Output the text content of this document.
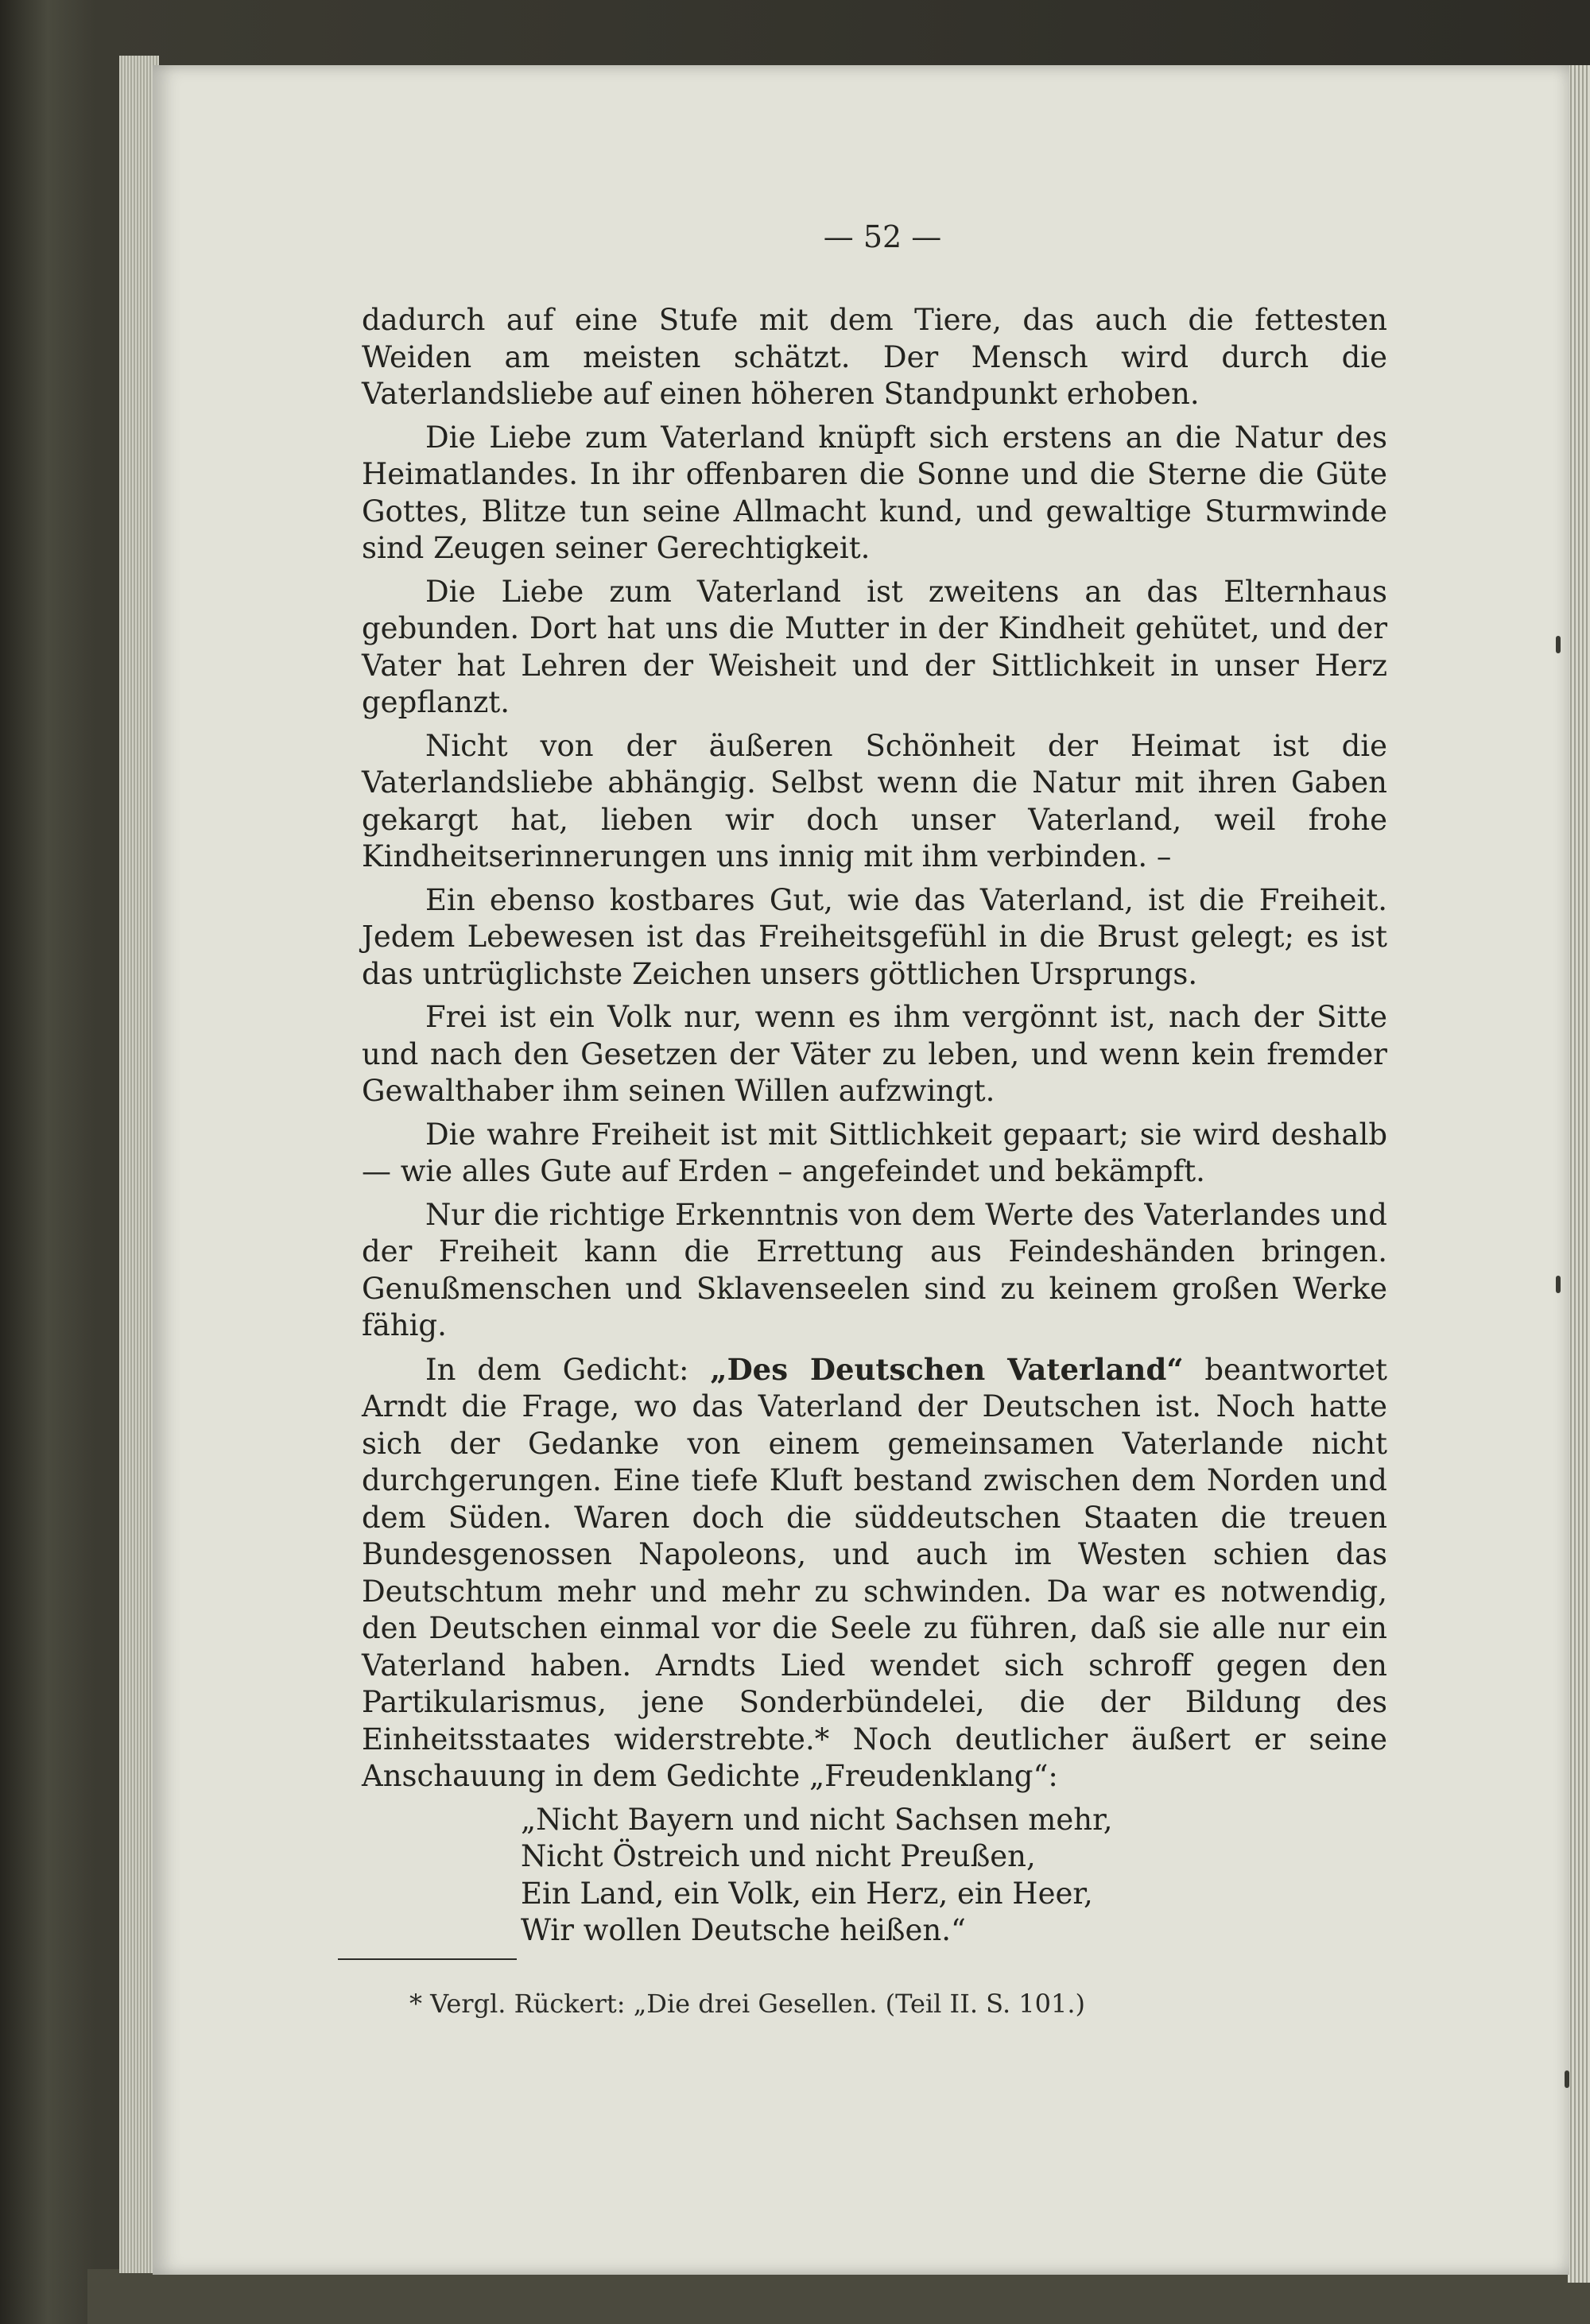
— 52 —

dadurch auf eine Stufe mit dem Tiere, das auch die fettesten Weiden am meisten schätzt. Der Mensch wird durch die Vaterlandsliebe auf einen höheren Standpunkt erhoben.

Die Liebe zum Vaterland knüpft sich erstens an die Natur des Heimatlandes. In ihr offenbaren die Sonne und die Sterne die Güte Gottes, Blitze tun seine Allmacht kund, und gewaltige Sturmwinde sind Zeugen seiner Gerechtigkeit.

Die Liebe zum Vaterland ist zweitens an das Elternhaus gebunden. Dort hat uns die Mutter in der Kindheit gehütet, und der Vater hat Lehren der Weisheit und der Sittlichkeit in unser Herz gepflanzt.

Nicht von der äußeren Schönheit der Heimat ist die Vaterlandsliebe abhängig. Selbst wenn die Natur mit ihren Gaben gekargt hat, lieben wir doch unser Vaterland, weil frohe Kindheitserinnerungen uns innig mit ihm verbinden. –

Ein ebenso kostbares Gut, wie das Vaterland, ist die Freiheit. Jedem Lebewesen ist das Freiheitsgefühl in die Brust gelegt; es ist das untrüglichste Zeichen unsers göttlichen Ursprungs.

Frei ist ein Volk nur, wenn es ihm vergönnt ist, nach der Sitte und nach den Gesetzen der Väter zu leben, und wenn kein fremder Gewalthaber ihm seinen Willen aufzwingt.

Die wahre Freiheit ist mit Sittlichkeit gepaart; sie wird deshalb — wie alles Gute auf Erden – angefeindet und bekämpft.

Nur die richtige Erkenntnis von dem Werte des Vaterlandes und der Freiheit kann die Errettung aus Feindeshänden bringen. Genußmenschen und Sklavenseelen sind zu keinem großen Werke fähig.

In dem Gedicht: „Des Deutschen Vaterland“ beantwortet Arndt die Frage, wo das Vaterland der Deutschen ist. Noch hatte sich der Gedanke von einem gemeinsamen Vaterlande nicht durchgerungen. Eine tiefe Kluft bestand zwischen dem Norden und dem Süden. Waren doch die süddeutschen Staaten die treuen Bundesgenossen Napoleons, und auch im Westen schien das Deutschtum mehr und mehr zu schwinden. Da war es notwendig, den Deutschen einmal vor die Seele zu führen, daß sie alle nur ein Vaterland haben. Arndts Lied wendet sich schroff gegen den Partikularismus, jene Sonderbündelei, die der Bildung des Einheitsstaates widerstrebte.* Noch deutlicher äußert er seine Anschauung in dem Gedichte „Freudenklang“:

„Nicht Bayern und nicht Sachsen mehr,
Nicht Östreich und nicht Preußen,
Ein Land, ein Volk, ein Herz, ein Heer,
Wir wollen Deutsche heißen.“
* Vergl. Rückert: „Die drei Gesellen. (Teil II. S. 101.)
